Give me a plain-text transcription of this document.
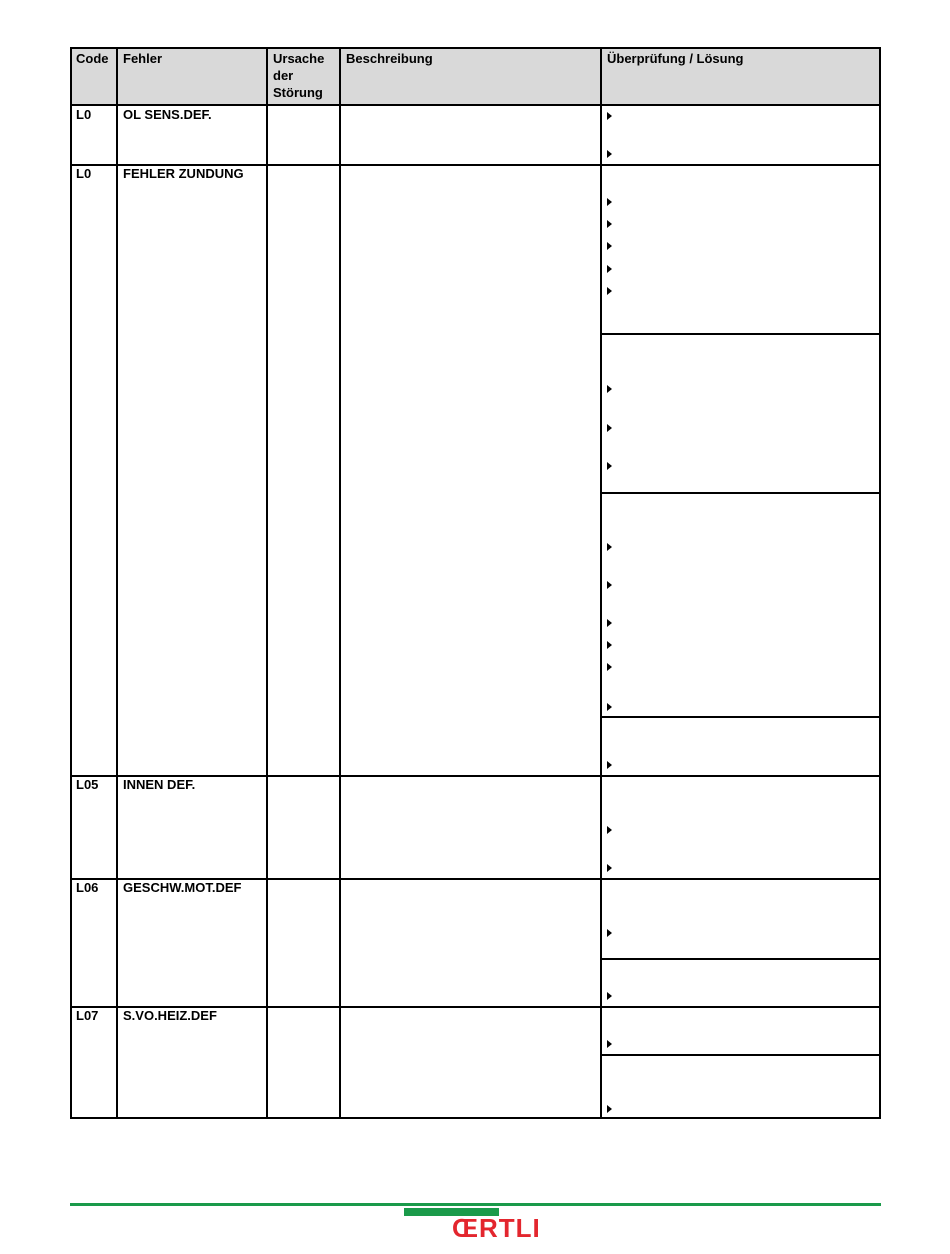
Code Fehler	Ursache der Störung
Beschreibung	Überprüfung / Lösung
L0 OL SENS.DEF.
L0 FEHLER ZUNDUNG
L05 INNEN DEF.
L06 GESCHW.MOT.DEF
L07 S.VO.HEIZ.DEF
ŒRTLI
